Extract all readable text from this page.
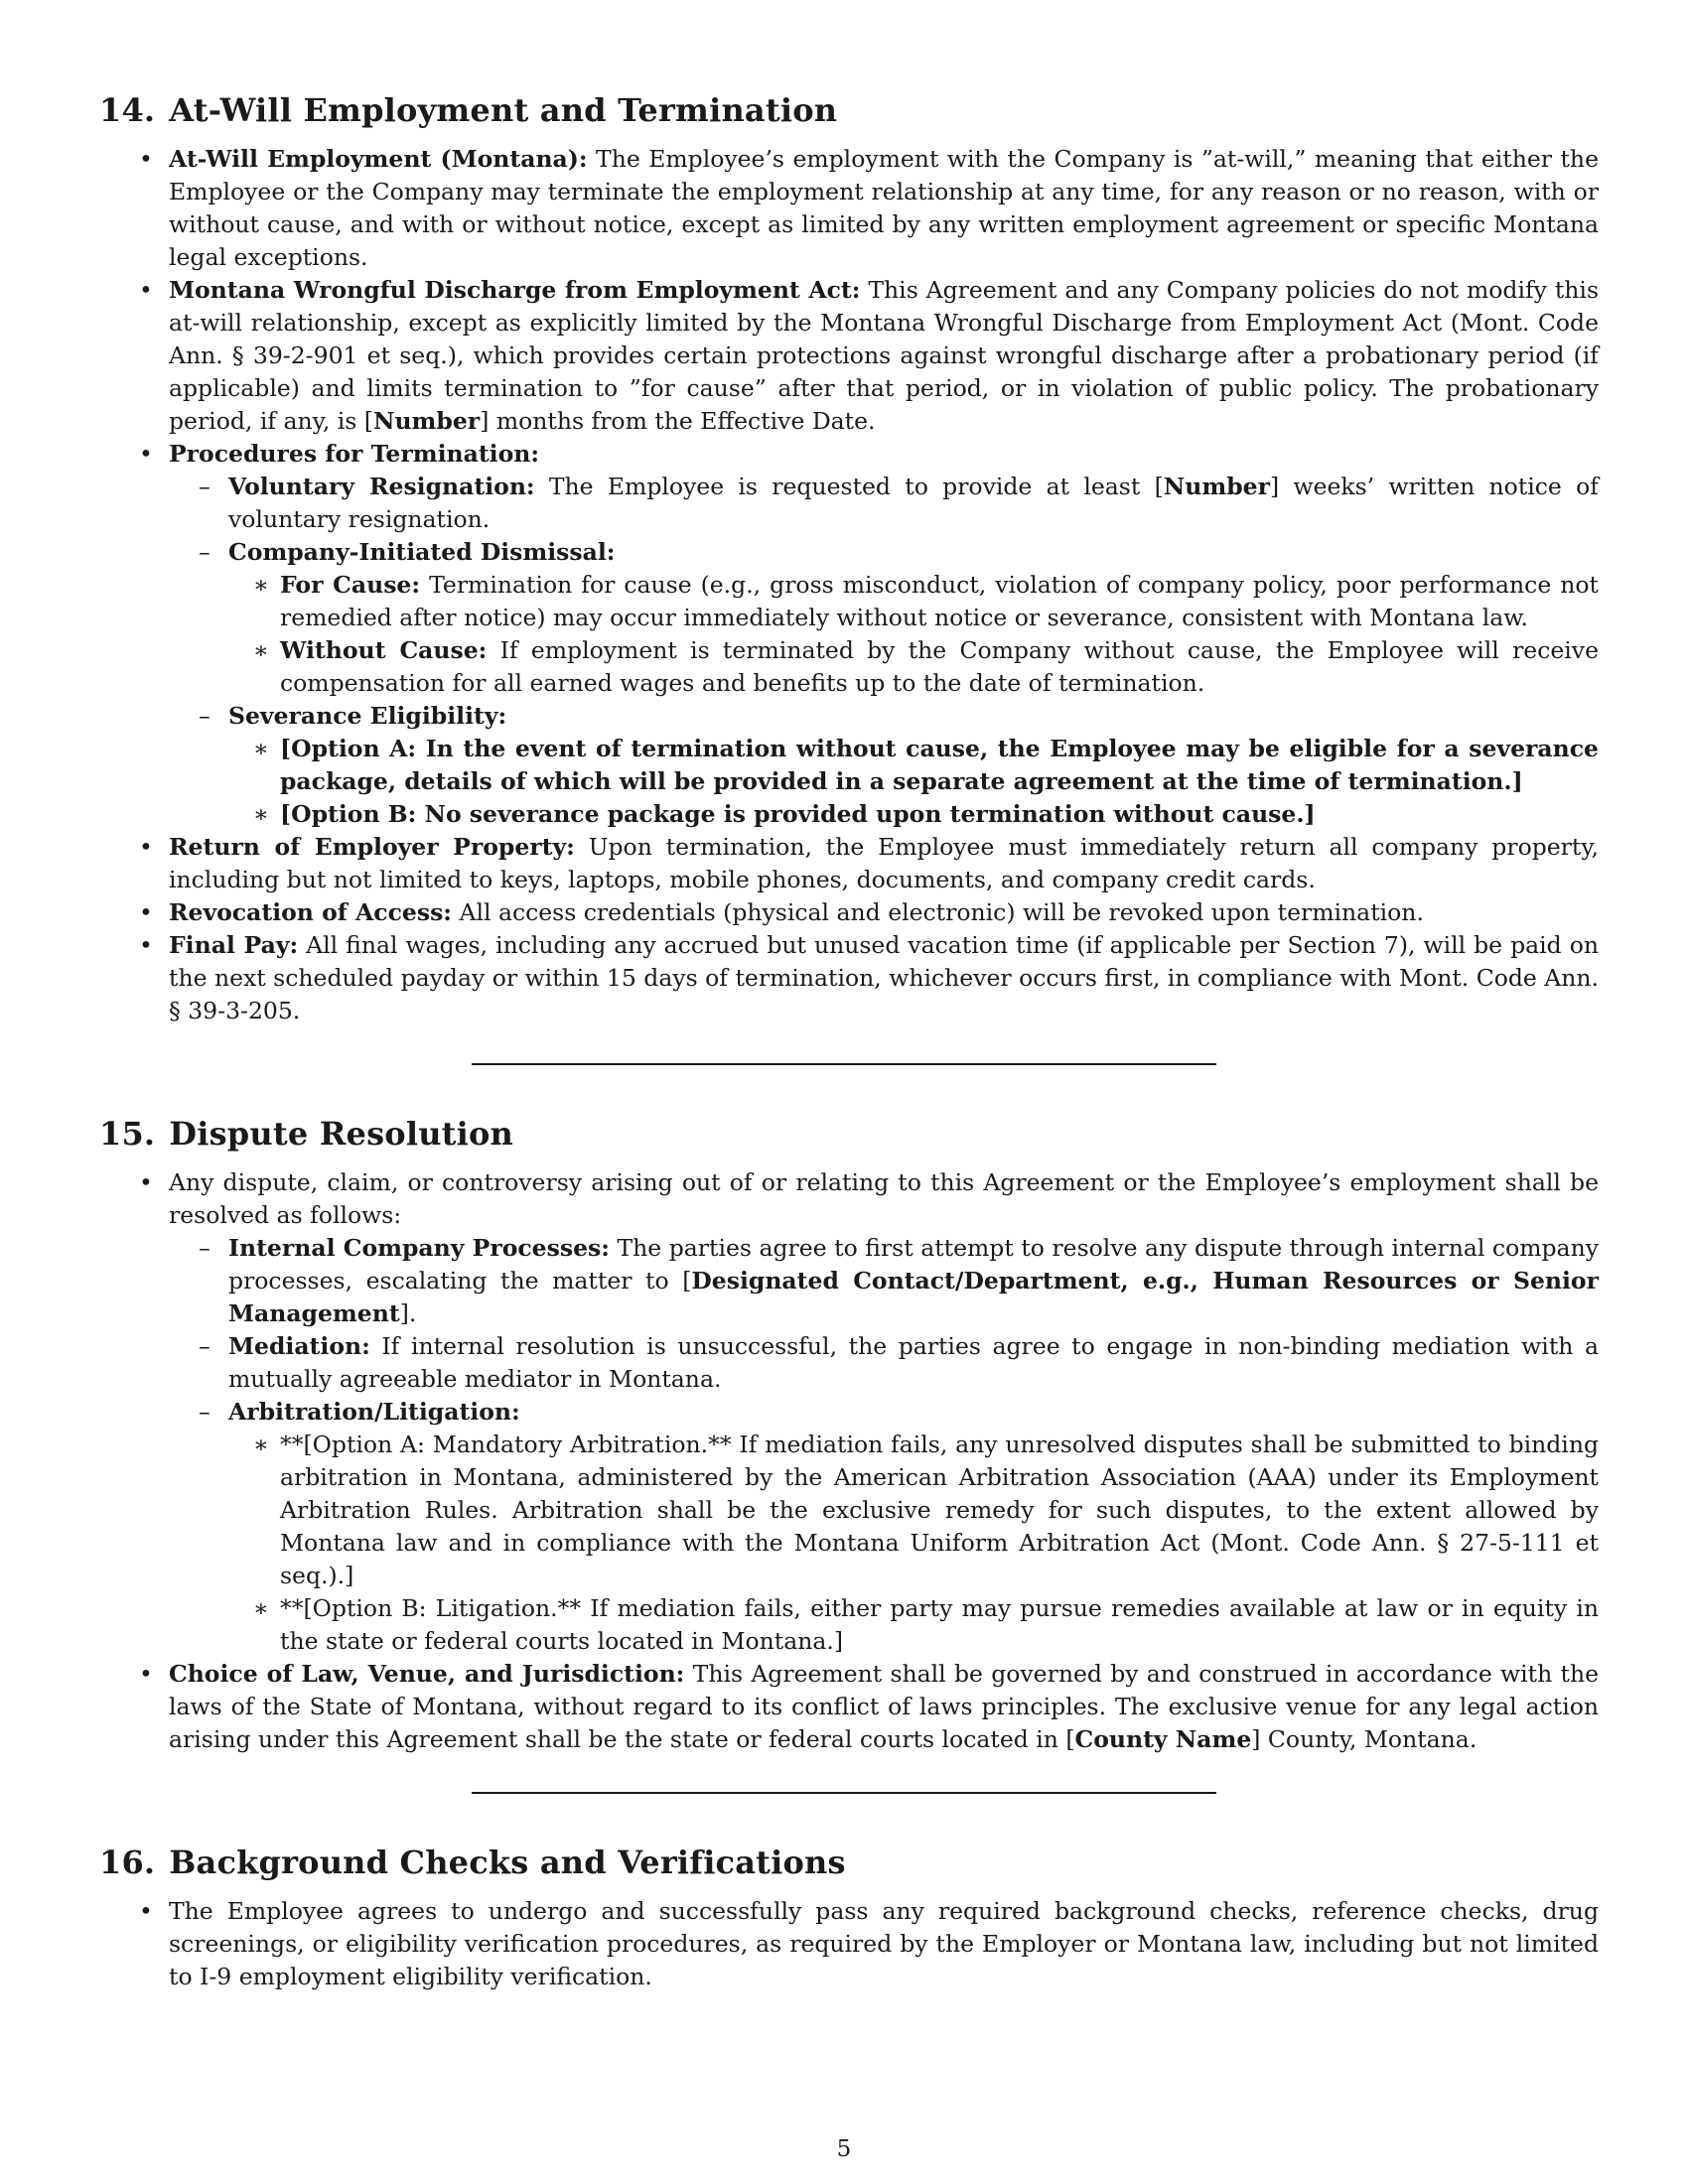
14. At-Will Employment and Termination
• At-Will Employment (Montana): The Employee’s employment with the Company is ”at-will,” meaning that either the Employee or the Company may terminate the employment relationship at any time, for any reason or no reason, with or without cause, and with or without notice, except as limited by any written employment agreement or specific Montana legal exceptions.
• Montana Wrongful Discharge from Employment Act: This Agreement and any Company policies do not modify this at-will relationship, except as explicitly limited by the Montana Wrongful Discharge from Employment Act (Mont. Code Ann. § 39-2-901 et seq.), which provides certain protections against wrongful discharge after a probationary period (if applicable) and limits termination to ”for cause” after that period, or in violation of public policy. The probationary period, if any, is [Number] months from the Effective Date.
• Procedures for Termination:
– Voluntary Resignation: The Employee is requested to provide at least [Number] weeks’ written notice of voluntary resignation.
– Company-Initiated Dismissal:
∗ For Cause: Termination for cause (e.g., gross misconduct, violation of company policy, poor performance not remedied after notice) may occur immediately without notice or severance, consistent with Montana law.
∗ Without Cause: If employment is terminated by the Company without cause, the Employee will receive compensation for all earned wages and benefits up to the date of termination.
– Severance Eligibility:
∗ [Option A: In the event of termination without cause, the Employee may be eligible for a severance package, details of which will be provided in a separate agreement at the time of termination.]
∗ [Option B: No severance package is provided upon termination without cause.]
• Return of Employer Property: Upon termination, the Employee must immediately return all company property, including but not limited to keys, laptops, mobile phones, documents, and company credit cards.
• Revocation of Access: All access credentials (physical and electronic) will be revoked upon termination.
• Final Pay: All final wages, including any accrued but unused vacation time (if applicable per Section 7), will be paid on the next scheduled payday or within 15 days of termination, whichever occurs first, in compliance with Mont. Code Ann. § 39-3-205.
15. Dispute Resolution
• Any dispute, claim, or controversy arising out of or relating to this Agreement or the Employee’s employment shall be resolved as follows:
– Internal Company Processes: The parties agree to first attempt to resolve any dispute through internal company processes, escalating the matter to [Designated Contact/Department, e.g., Human Resources or Senior Management].
– Mediation: If internal resolution is unsuccessful, the parties agree to engage in non-binding mediation with a mutually agreeable mediator in Montana.
– Arbitration/Litigation:
∗ **[Option A: Mandatory Arbitration.** If mediation fails, any unresolved disputes shall be submitted to binding arbitration in Montana, administered by the American Arbitration Association (AAA) under its Employment Arbitration Rules. Arbitration shall be the exclusive remedy for such disputes, to the extent allowed by Montana law and in compliance with the Montana Uniform Arbitration Act (Mont. Code Ann. § 27-5-111 et seq.).]
∗ **[Option B: Litigation.** If mediation fails, either party may pursue remedies available at law or in equity in the state or federal courts located in Montana.]
• Choice of Law, Venue, and Jurisdiction: This Agreement shall be governed by and construed in accordance with the laws of the State of Montana, without regard to its conflict of laws principles. The exclusive venue for any legal action arising under this Agreement shall be the state or federal courts located in [County Name] County, Montana.
16. Background Checks and Verifications
• The Employee agrees to undergo and successfully pass any required background checks, reference checks, drug screenings, or eligibility verification procedures, as required by the Employer or Montana law, including but not limited to I-9 employment eligibility verification.
5
